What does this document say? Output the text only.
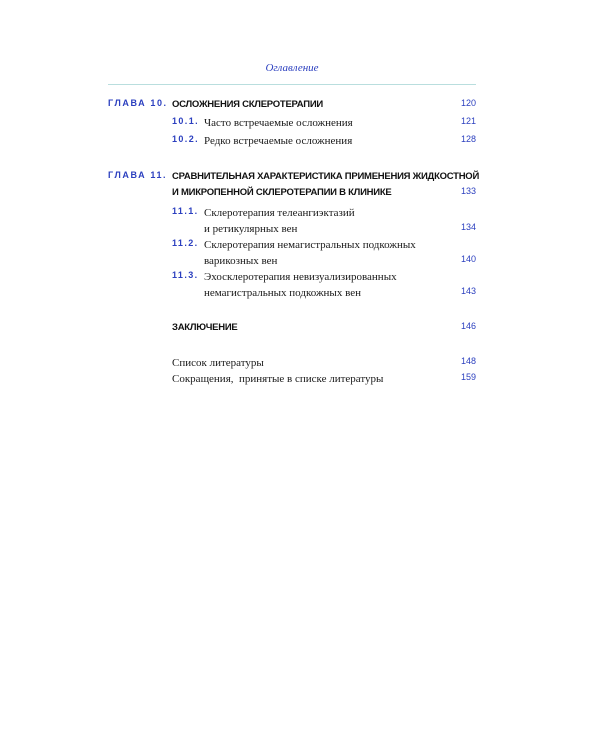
Оглавление
ГЛАВА 10. ОСЛОЖНЕНИЯ СКЛЕРОТЕРАПИИ	120
10.1. Часто встречаемые осложнения	121
10.2. Редко встречаемые осложнения	128
ГЛАВА 11. СРАВНИТЕЛЬНАЯ ХАРАКТЕРИСТИКА ПРИМЕНЕНИЯ ЖИДКОСТНОЙ
И МИКРОПЕННОЙ СКЛЕРОТЕРАПИИ В КЛИНИКЕ	133
11.1. Склеротерапия телеангиэктазий
и ретикулярных вен	134
11.2. Склеротерапия немагистральных подкожных
варикозных вен	140
11.3. Эхосклеротерапия невизуализированных
немагистральных подкожных вен	143
ЗАКЛЮЧЕНИЕ	146
Список литературы	148
Сокращения,  принятые в списке литературы	159
